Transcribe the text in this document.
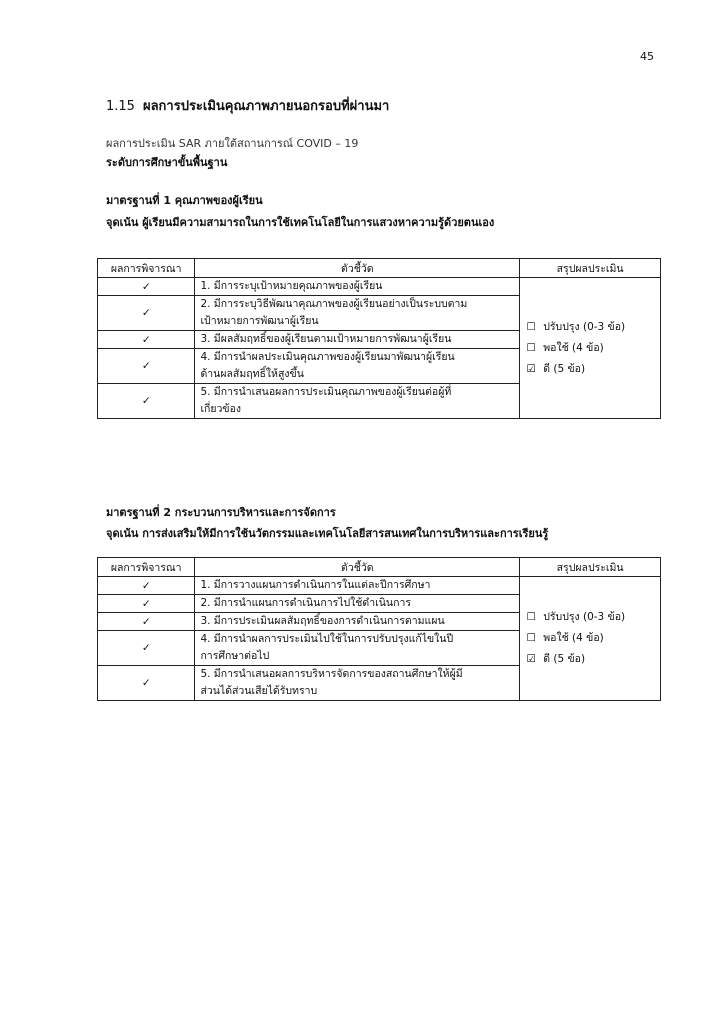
45
1.15 ผลการประเมินคุณภาพภายนอกรอบที่ผ่านมา
ผลการประเมิน SAR ภายใต้สถานการณ์ COVID – 19
ระดับการศึกษาขั้นพื้นฐาน
มาตรฐานที่ 1 คุณภาพของผู้เรียน
จุดเน้น ผู้เรียนมีความสามารถในการใช้เทคโนโลยีในการแสวงหาความรู้ด้วยตนเอง
ผลการพิจารณา	ตัวชี้วัด	สรุปผลประเมิน
✓	1. มีการระบุเป้าหมายคุณภาพของผู้เรียน	☐ ปรับปรุง (0-3 ข้อ)
☐ พอใช้ (4 ข้อ)
☑ ดี (5 ข้อ)

✓	2. มีการระบุวิธีพัฒนาคุณภาพของผู้เรียนอย่างเป็นระบบตาม
เป้าหมายการพัฒนาผู้เรียน	

✓	3. มีผลสัมฤทธิ์ของผู้เรียนตามเป้าหมายการพัฒนาผู้เรียน	

✓	4. มีการนำผลประเมินคุณภาพของผู้เรียนมาพัฒนาผู้เรียน
ด้านผลสัมฤทธิ์ให้สูงขึ้น	

✓	5. มีการนำเสนอผลการประเมินคุณภาพของผู้เรียนต่อผู้ที่
เกี่ยวข้อง	
มาตรฐานที่ 2 กระบวนการบริหารและการจัดการ
จุดเน้น การส่งเสริมให้มีการใช้นวัตกรรมและเทคโนโลยีสารสนเทศในการบริหารและการเรียนรู้
ผลการพิจารณา	ตัวชี้วัด	สรุปผลประเมิน
✓	1. มีการวางแผนการดำเนินการในแต่ละปีการศึกษา	☐ ปรับปรุง (0-3 ข้อ)
☐ พอใช้ (4 ข้อ)
☑ ดี (5 ข้อ)

✓	2. มีการนำแผนการดำเนินการไปใช้ดำเนินการ	

✓	3. มีการประเมินผลสัมฤทธิ์ของการดำเนินการตามแผน	

✓	4. มีการนำผลการประเมินไปใช้ในการปรับปรุงแก้ไขในปี
การศึกษาต่อไป	

✓	5. มีการนำเสนอผลการบริหารจัดการของสถานศึกษาให้ผู้มี
ส่วนได้ส่วนเสียได้รับทราบ	
